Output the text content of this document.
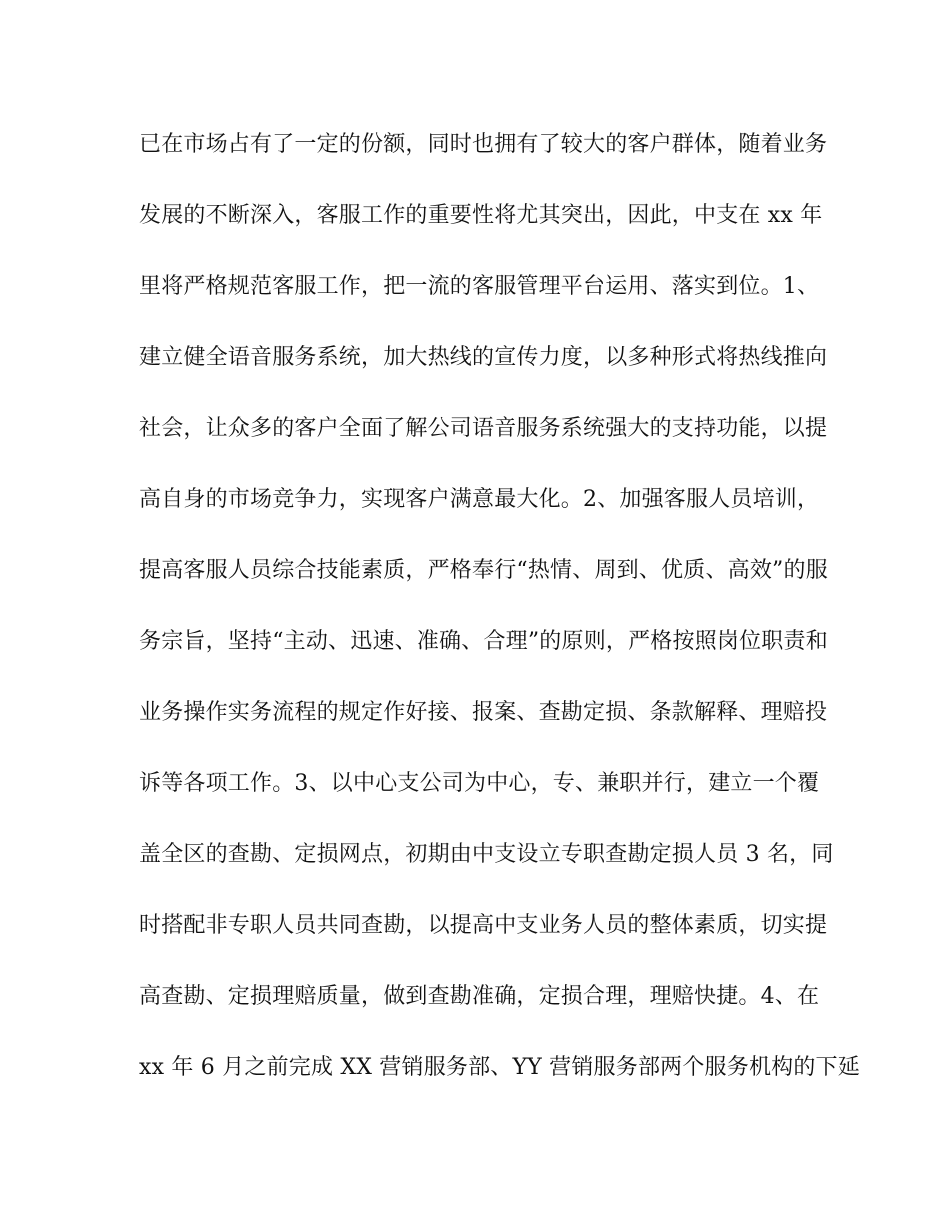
已在市场占有了一定的份额，同时也拥有了较大的客户群体，随着业务
发展的不断深入，客服工作的重要性将尤其突出，因此，中支在 xx 年
里将严格规范客服工作，把一流的客服管理平台运用、落实到位。1、
建立健全语音服务系统，加大热线的宣传力度，以多种形式将热线推向
社会，让众多的客户全面了解公司语音服务系统强大的支持功能，以提
高自身的市场竞争力，实现客户满意最大化。2、加强客服人员培训，
提高客服人员综合技能素质，严格奉行“热情、周到、优质、高效”的服
务宗旨，坚持“主动、迅速、准确、合理”的原则，严格按照岗位职责和
业务操作实务流程的规定作好接、报案、查勘定损、条款解释、理赔投
诉等各项工作。3、以中心支公司为中心，专、兼职并行，建立一个覆
盖全区的查勘、定损网点，初期由中支设立专职查勘定损人员 3 名，同
时搭配非专职人员共同查勘，以提高中支业务人员的整体素质，切实提
高查勘、定损理赔质量，做到查勘准确，定损合理，理赔快捷。4、在
xx 年 6 月之前完成 XX 营销服务部、YY 营销服务部两个服务机构的下延
